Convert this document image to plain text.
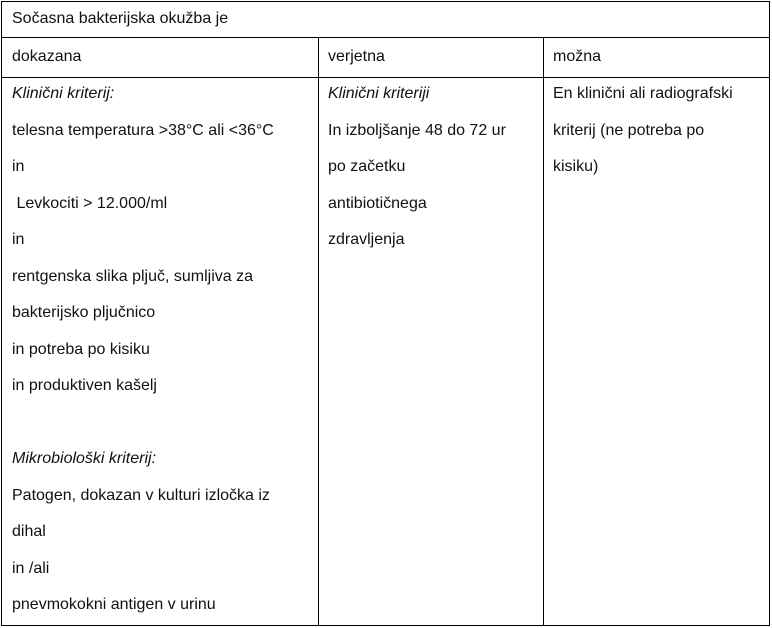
Sočasna bakterijska okužba je
dokazana	verjetna	možna
Klinični kriterij:
telesna temperatura >38°C ali <36°C
in
Levkociti > 12.000/ml
in
rentgenska slika pljuč, sumljiva za
bakterijsko pljučnico
in potreba po kisiku
in produktiven kašelj
Mikrobiološki kriterij:
Patogen, dokazan v kulturi izločka iz
dihal
in /ali
pnevmokokni antigen v urinu
Klinični kriteriji
In izboljšanje 48 do 72 ur
po začetku
antibiotičnega
zdravljenja
En klinični ali radiografski
kriterij (ne potreba po
kisiku)
